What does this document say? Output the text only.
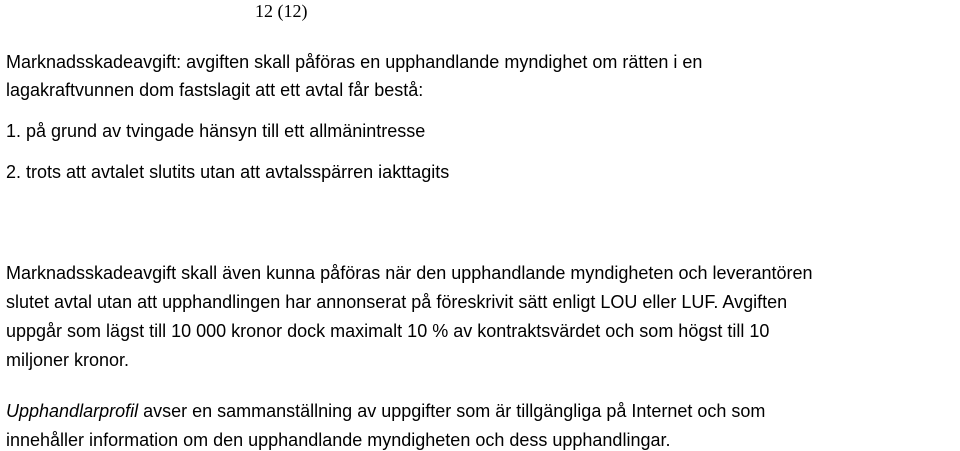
12 (12)
Marknadsskadeavgift: avgiften skall påföras en upphandlande myndighet om rätten i en
lagakraftvunnen dom fastslagit att ett avtal får bestå:
1. på grund av tvingade hänsyn till ett allmänintresse
2. trots att avtalet slutits utan att avtalsspärren iakttagits
Marknadsskadeavgift skall även kunna påföras när den upphandlande myndigheten och leverantören
slutet avtal utan att upphandlingen har annonserat på föreskrivit sätt enligt LOU eller LUF. Avgiften
uppgår som lägst till 10 000 kronor dock maximalt 10 % av kontraktsvärdet och som högst till 10
miljoner kronor.
Upphandlarprofil avser en sammanställning av uppgifter som är tillgängliga på Internet och som
innehåller information om den upphandlande myndigheten och dess upphandlingar.
